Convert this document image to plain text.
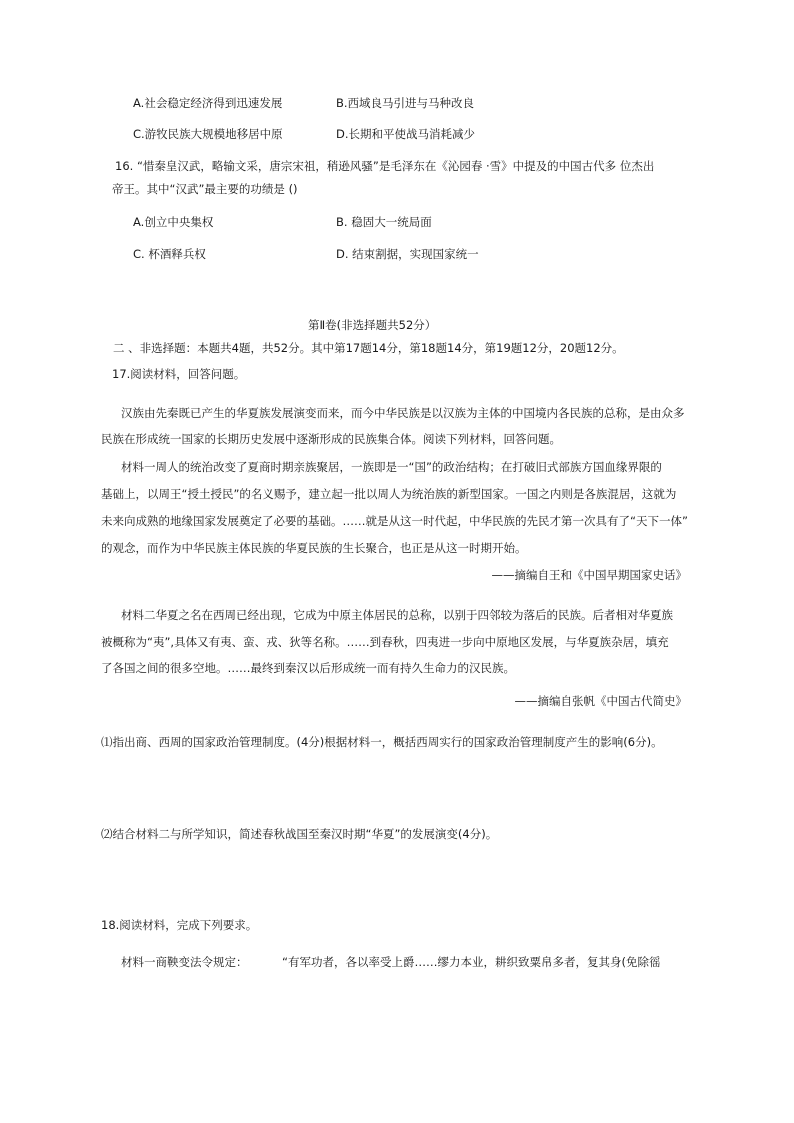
A.社会稳定经济得到迅速发展	B.西域良马引进与马种改良
C.游牧民族大规模地移居中原	D.长期和平使战马消耗减少
16. “惜秦皇汉武，略输文采，唐宗宋祖，稍逊风骚”是毛泽东在《沁园春 ·雪》中提及的中国古代多 位杰出
帝王。其中“汉武”最主要的功绩是 ()
A.创立中央集权	B. 稳固大一统局面
C. 杯酒释兵权	D. 结束割据，实现国家统一
第Ⅱ卷(非选择题共52分）
二 、非选择题：本题共4题，共52分。其中第17题14分，第18题14分，第19题12分，20题12分。
17.阅读材料，回答问题。
汉族由先秦既已产生的华夏族发展演变而来，而今中华民族是以汉族为主体的中国境内各民族的总称，是由众多
民族在形成统一国家的长期历史发展中逐渐形成的民族集合体。阅读下列材料，回答问题。
材料一周人的统治改变了夏商时期亲族聚居，一族即是一“国”的政治结构；在打破旧式部族方国血缘界限的
基础上，以周王“授土授民”的名义赐予，建立起一批以周人为统治族的新型国家。一国之内则是各族混居，这就为
未来向成熟的地缘国家发展奠定了必要的基础。……就是从这一时代起，中华民族的先民才第一次具有了“天下一体”
的观念，而作为中华民族主体民族的华夏民族的生长聚合，也正是从这一时期开始。
——摘编自王和《中国早期国家史话》
材料二华夏之名在西周已经出现，它成为中原主体居民的总称，以别于四邻较为落后的民族。后者相对华夏族
被概称为“夷”,具体又有夷、蛮、戎、狄等名称。……到春秋，四夷进一步向中原地区发展，与华夏族杂居，填充
了各国之间的很多空地。……最终到秦汉以后形成统一而有持久生命力的汉民族。
——摘编自张帆《中国古代简史》
⑴指出商、西周的国家政治管理制度。(4分)根据材料一，概括西周实行的国家政治管理制度产生的影响(6分)。
⑵结合材料二与所学知识，简述春秋战国至秦汉时期“华夏”的发展演变(4分)。
18.阅读材料，完成下列要求。
材料一商鞅变法令规定：	“有军功者，各以率受上爵……缪力本业，耕织致粟帛多者，复其身(免除徭
